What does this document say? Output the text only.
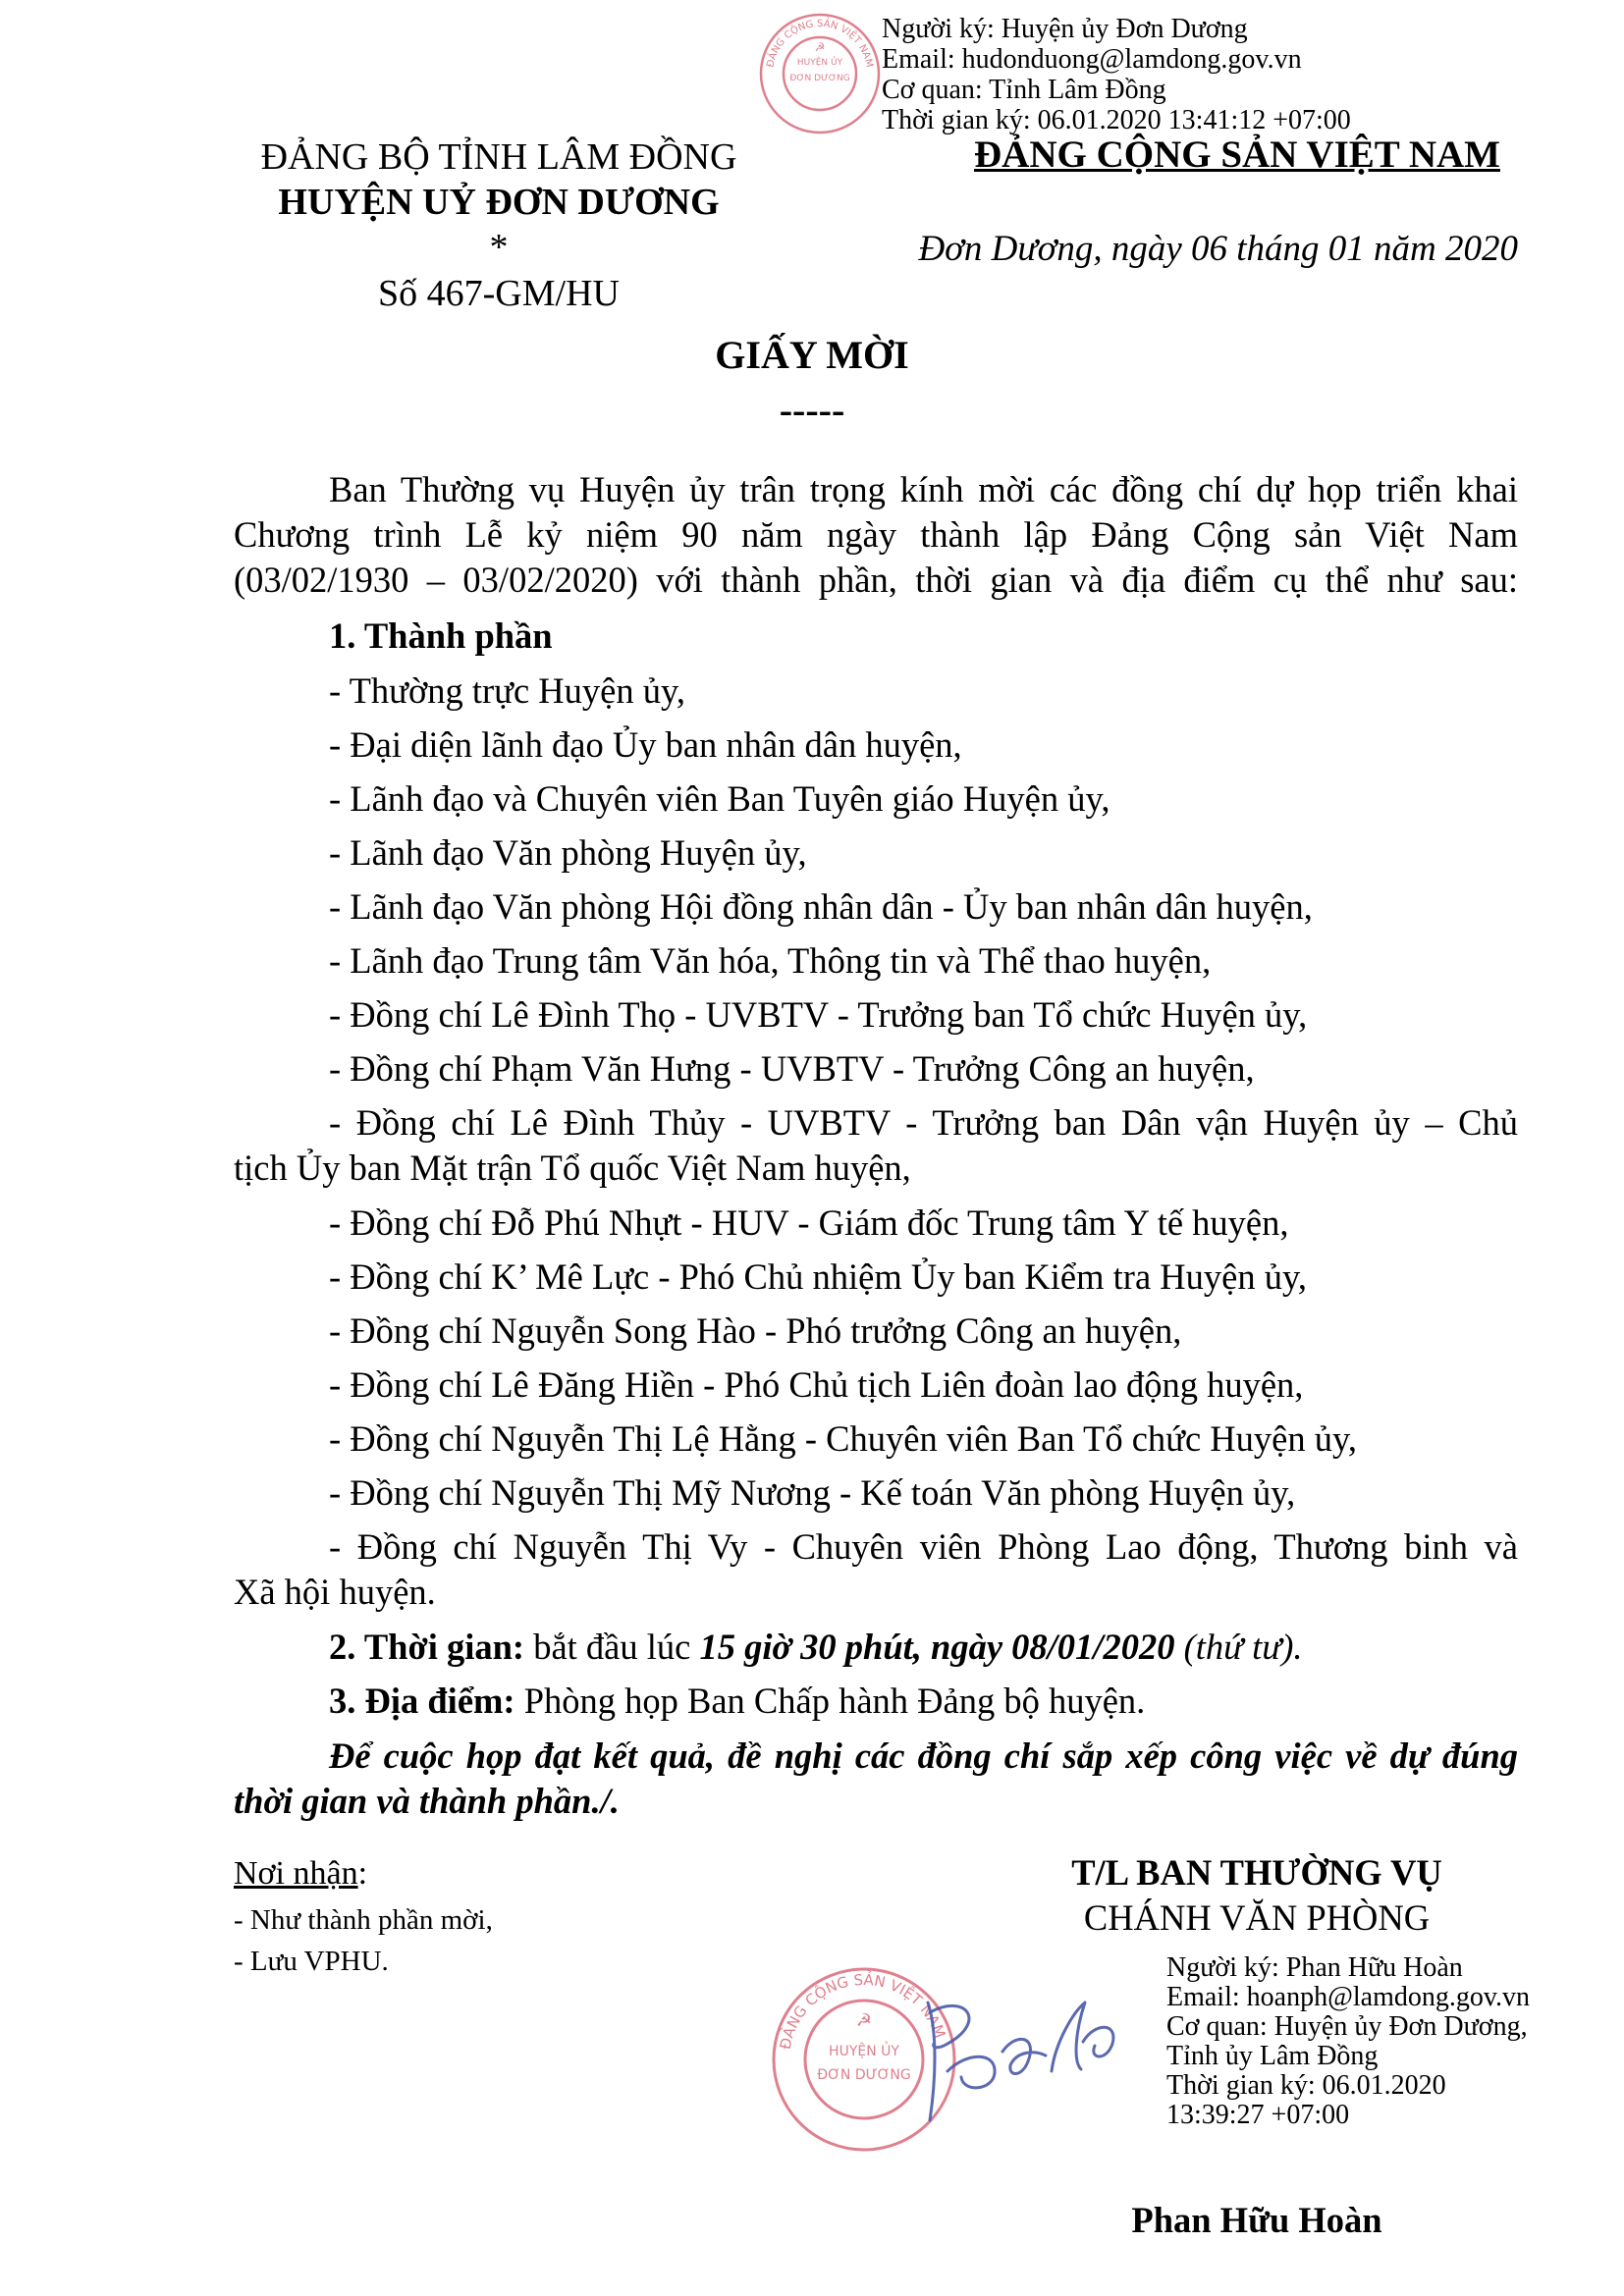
ĐẢNG CỘNG SẢN VIỆT NAM
HUYỆN ỦY
ĐƠN DƯƠNG
☭
Người ký: Huyện ủy Đơn Dương
Email: hudonduong@lamdong.gov.vn
Cơ quan: Tỉnh Lâm Đồng
Thời gian ký: 06.01.2020 13:41:12 +07:00
ĐẢNG BỘ TỈNH LÂM ĐỒNG
HUYỆN UỶ ĐƠN DƯƠNG
*
Số 467-GM/HU
ĐẢNG CỘNG SẢN VIỆT NAM
Đơn Dương, ngày 06 tháng 01 năm 2020
GIẤY MỜI
-----
Ban Thường vụ Huyện ủy trân trọng kính mời các đồng chí dự họp triển khai
Chương trình Lễ kỷ niệm 90 năm ngày thành lập Đảng Cộng sản Việt Nam
(03/02/1930 – 03/02/2020) với thành phần, thời gian và địa điểm cụ thể như sau:
1. Thành phần
- Thường trực Huyện ủy,
- Đại diện lãnh đạo Ủy ban nhân dân huyện,
- Lãnh đạo và Chuyên viên Ban Tuyên giáo Huyện ủy,
- Lãnh đạo Văn phòng Huyện ủy,
- Lãnh đạo Văn phòng Hội đồng nhân dân - Ủy ban nhân dân huyện,
- Lãnh đạo Trung tâm Văn hóa, Thông tin và Thể thao huyện,
- Đồng chí Lê Đình Thọ - UVBTV - Trưởng ban Tổ chức Huyện ủy,
- Đồng chí Phạm Văn Hưng - UVBTV - Trưởng Công an huyện,
- Đồng chí Lê Đình Thủy - UVBTV - Trưởng ban Dân vận Huyện ủy – Chủ
tịch Ủy ban Mặt trận Tổ quốc Việt Nam huyện,
- Đồng chí Đỗ Phú Nhựt - HUV - Giám đốc Trung tâm Y tế huyện,
- Đồng chí K’ Mê Lực - Phó Chủ nhiệm Ủy ban Kiểm tra Huyện ủy,
- Đồng chí Nguyễn Song Hào - Phó trưởng Công an huyện,
- Đồng chí Lê Đăng Hiền - Phó Chủ tịch Liên đoàn lao động huyện,
- Đồng chí Nguyễn Thị Lệ Hằng - Chuyên viên Ban Tổ chức Huyện ủy,
- Đồng chí Nguyễn Thị Mỹ Nương - Kế toán Văn phòng Huyện ủy,
- Đồng chí Nguyễn Thị Vy - Chuyên viên Phòng Lao động, Thương binh và
Xã hội huyện.
2. Thời gian: bắt đầu lúc 15 giờ 30 phút, ngày 08/01/2020 (thứ tư).
3. Địa điểm: Phòng họp Ban Chấp hành Đảng bộ huyện.
Để cuộc họp đạt kết quả, đề nghị các đồng chí sắp xếp công việc về dự đúng
thời gian và thành phần./.
Nơi nhận:
- Như thành phần mời,
- Lưu VPHU.
T/L BAN THƯỜNG VỤ
CHÁNH VĂN PHÒNG
ĐẢNG CỘNG SẢN VIỆT NAM
☭
HUYỆN ỦY
ĐƠN DƯƠNG
Người ký: Phan Hữu Hoàn
Email: hoanph@lamdong.gov.vn
Cơ quan: Huyện ủy Đơn Dương,
Tỉnh ủy Lâm Đồng
Thời gian ký: 06.01.2020
13:39:27 +07:00
Phan Hữu Hoàn
